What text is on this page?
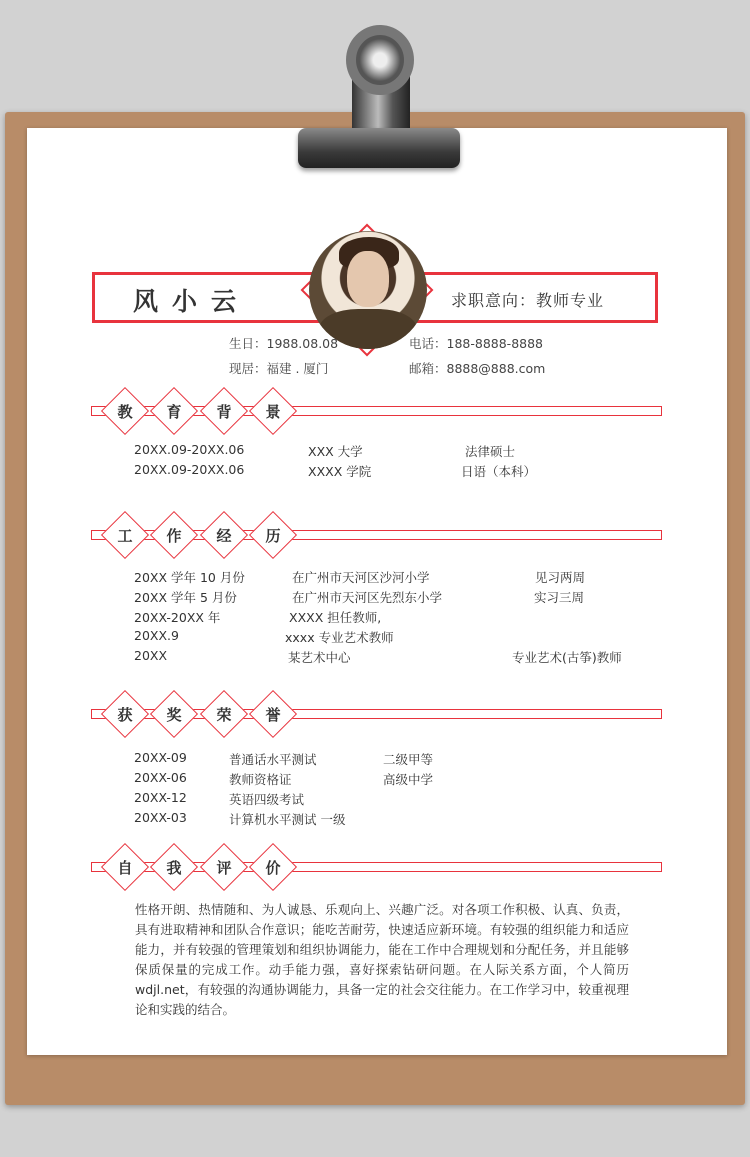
风小云	求职意向：教师专业
生日：1988.08.08	电话：188-8888-8888
现居：福建 . 厦门	邮箱：8888@888.com
教	育	背	景
工	作	经	历
获	奖	荣	誉
自	我	评	价
20XX.09-20XX.06	XXX 大学	法律硕士
20XX.09-20XX.06	XXXX 学院	日语（本科）
20XX 学年 10 月份	在广州市天河区沙河小学	见习两周
20XX 学年 5 月份	在广州市天河区先烈东小学	实习三周
20XX-20XX 年	XXXX 担任教师,
20XX.9	xxxx 专业艺术教师
20XX	某艺术中心	专业艺术(古筝)教师
20XX-09	普通话水平测试	二级甲等
20XX-06	教师资格证	高级中学
20XX-12	英语四级考试
20XX-03	计算机水平测试 一级
性格开朗、热情随和、为人诚恳、乐观向上、兴趣广泛。对各项工作积极、认真、负责，具有进取精神和团队合作意识；能吃苦耐劳，快速适应新环境。有较强的组织能力和适应能力，并有较强的管理策划和组织协调能力，能在工作中合理规划和分配任务，并且能够保质保量的完成工作。动手能力强，喜好探索钻研问题。在人际关系方面，个人简历 wdjl.net，有较强的沟通协调能力，具备一定的社会交往能力。在工作学习中，较重视理论和实践的结合。
